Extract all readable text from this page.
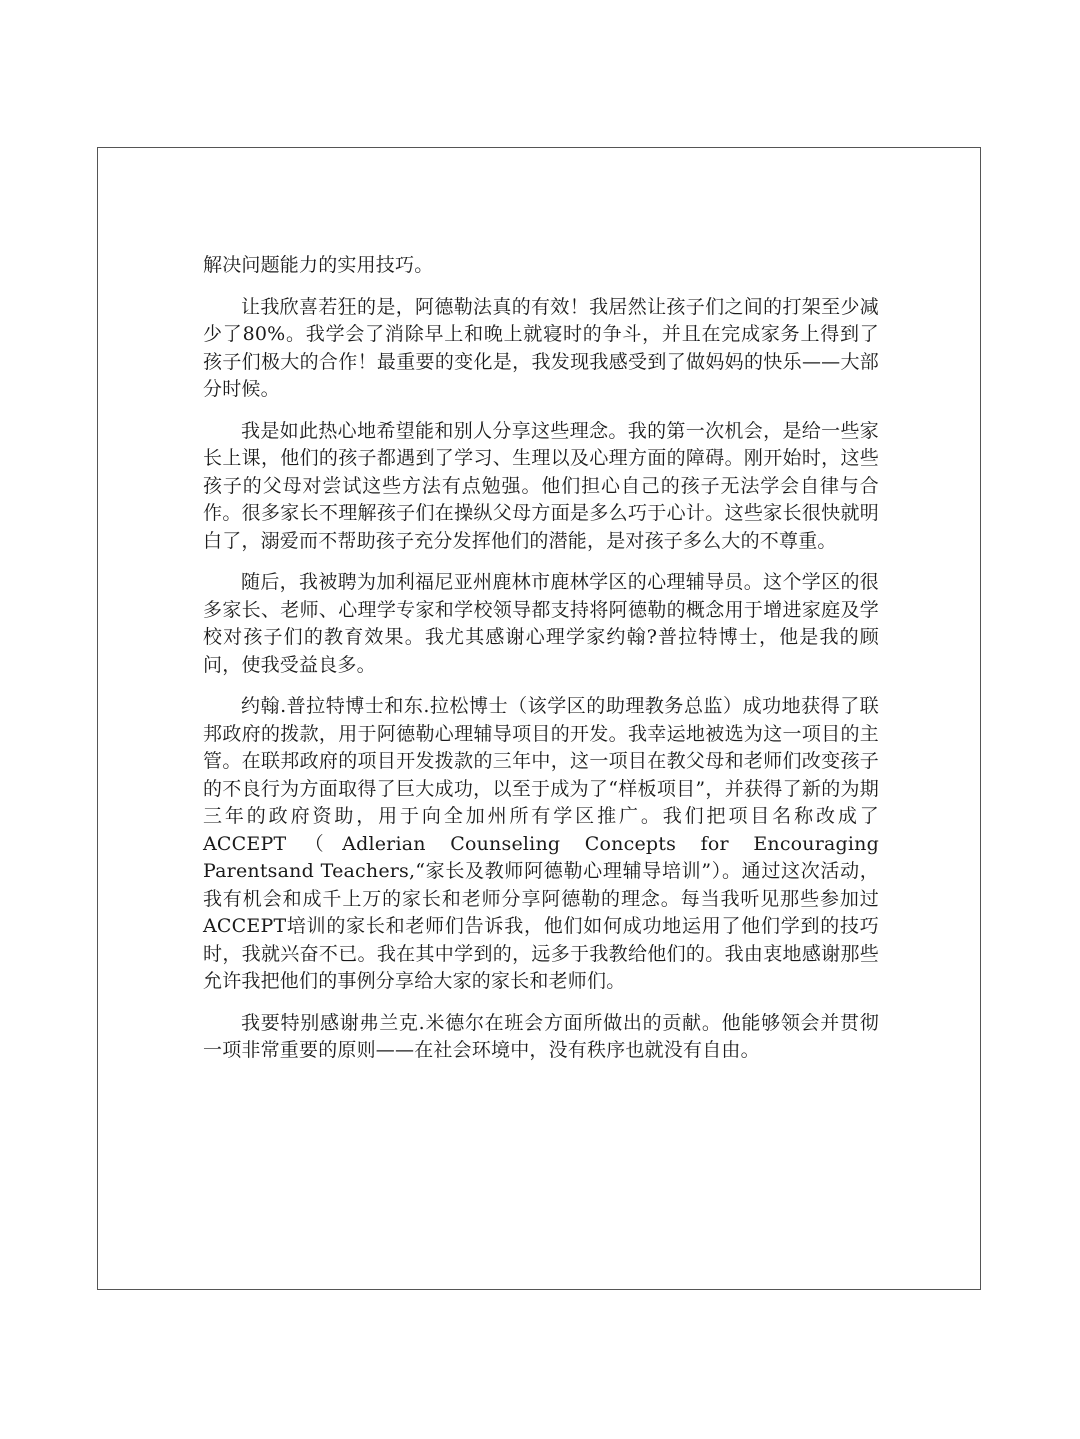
解决问题能力的实用技巧。

让我欣喜若狂的是，阿德勒法真的有效！我居然让孩子们之间的打架至少减少了80%。我学会了消除早上和晚上就寝时的争斗，并且在完成家务上得到了孩子们极大的合作！最重要的变化是，我发现我感受到了做妈妈的快乐——大部分时候。

我是如此热心地希望能和别人分享这些理念。我的第一次机会，是给一些家长上课，他们的孩子都遇到了学习、生理以及心理方面的障碍。刚开始时，这些孩子的父母对尝试这些方法有点勉强。他们担心自己的孩子无法学会自律与合作。很多家长不理解孩子们在操纵父母方面是多么巧于心计。这些家长很快就明白了，溺爱而不帮助孩子充分发挥他们的潜能，是对孩子多么大的不尊重。

随后，我被聘为加利福尼亚州鹿林市鹿林学区的心理辅导员。这个学区的很多家长、老师、心理学专家和学校领导都支持将阿德勒的概念用于增进家庭及学校对孩子们的教育效果。我尤其感谢心理学家约翰?普拉特博士，他是我的顾问，使我受益良多。

约翰.普拉特博士和东.拉松博士（该学区的助理教务总监）成功地获得了联邦政府的拨款，用于阿德勒心理辅导项目的开发。我幸运地被选为这一项目的主管。在联邦政府的项目开发拨款的三年中，这一项目在教父母和老师们改变孩子的不良行为方面取得了巨大成功，以至于成为了“样板项目”，并获得了新的为期三年的政府资助，用于向全加州所有学区推广。我们把项目名称改成了ACCEPT（Adlerian Counseling Concepts for Encouraging Parentsand Teachers,“家长及教师阿德勒心理辅导培训”）。通过这次活动，我有机会和成千上万的家长和老师分享阿德勒的理念。每当我听见那些参加过ACCEPT培训的家长和老师们告诉我，他们如何成功地运用了他们学到的技巧时，我就兴奋不已。我在其中学到的，远多于我教给他们的。我由衷地感谢那些允许我把他们的事例分享给大家的家长和老师们。

我要特别感谢弗兰克.米德尔在班会方面所做出的贡献。他能够领会并贯彻一项非常重要的原则——在社会环境中，没有秩序也就没有自由。
